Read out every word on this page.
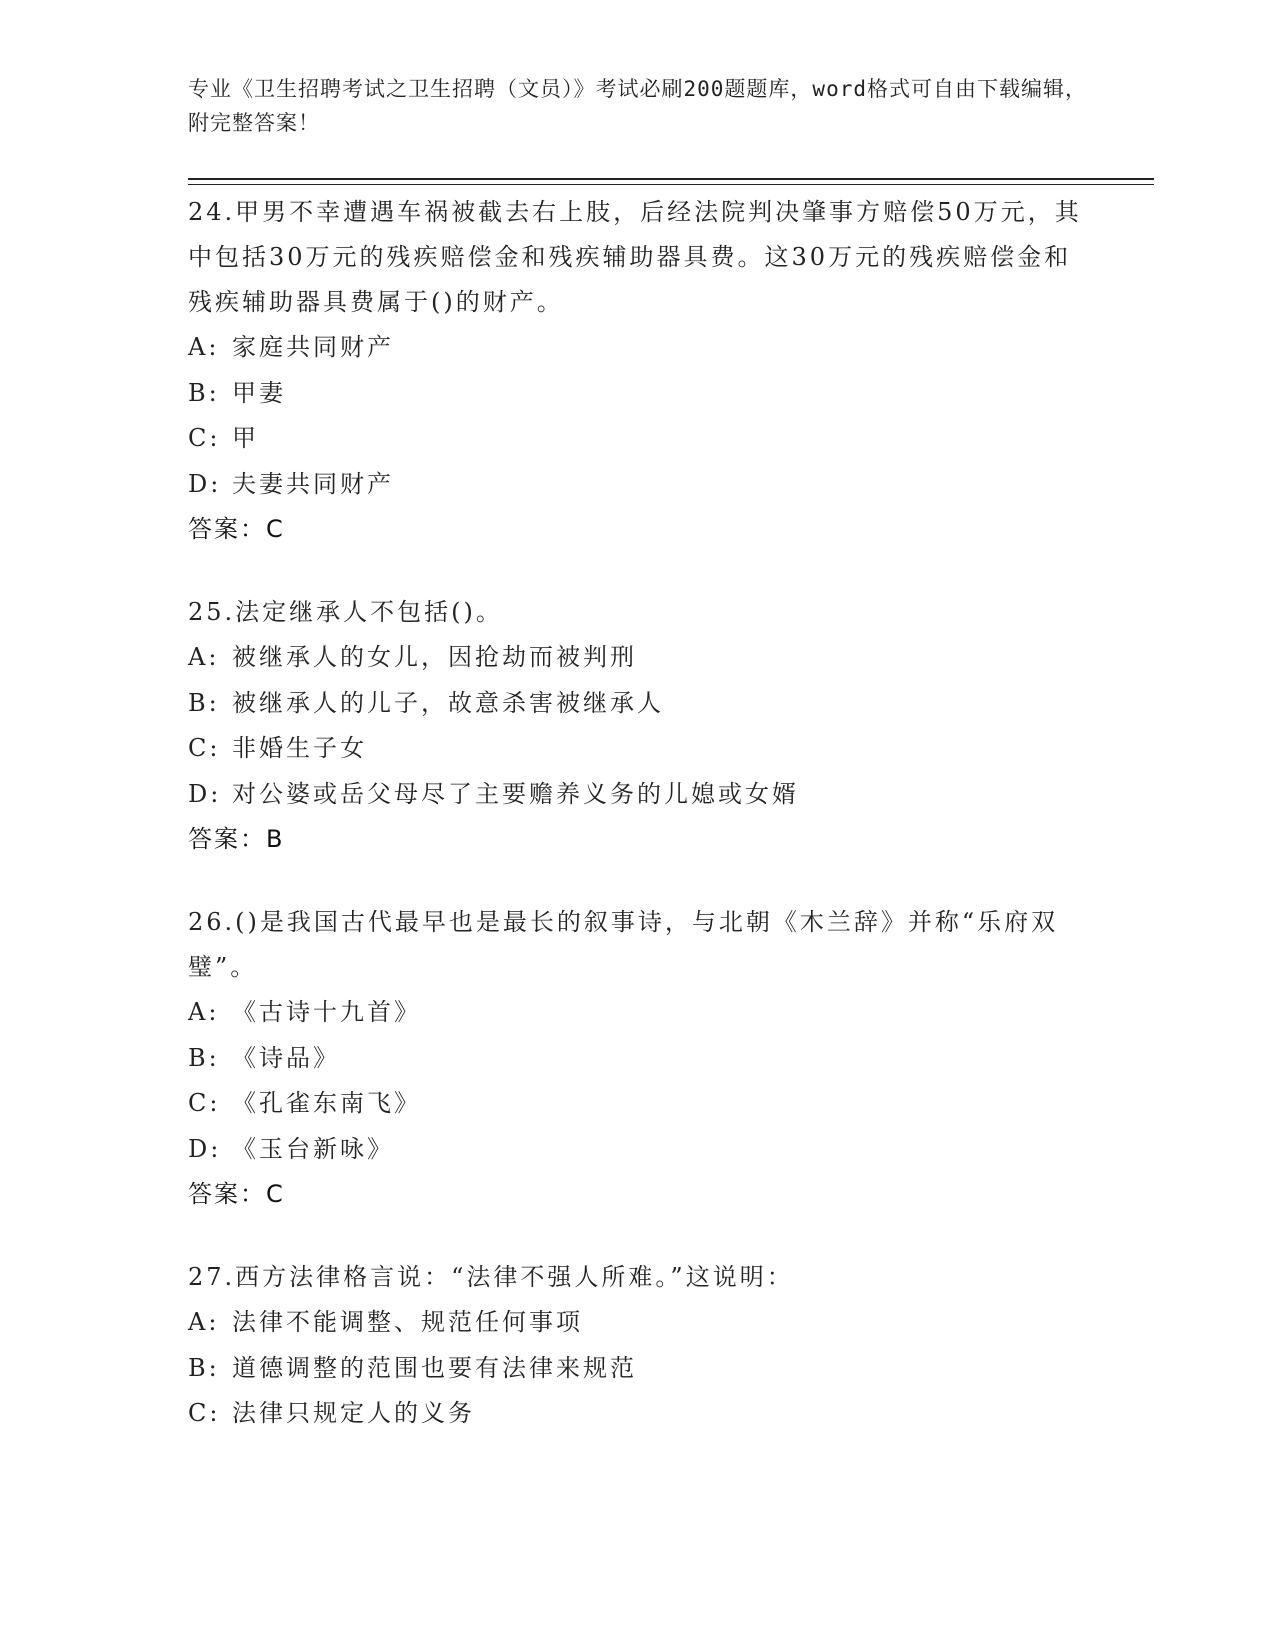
专业《卫生招聘考试之卫生招聘（文员）》考试必刷200题题库，word格式可自由下载编辑，附完整答案！
24.甲男不幸遭遇车祸被截去右上肢，后经法院判决肇事方赔偿50万元，其中包括30万元的残疾赔偿金和残疾辅助器具费。这30万元的残疾赔偿金和残疾辅助器具费属于()的财产。
A: 家庭共同财产
B: 甲妻
C: 甲
D: 夫妻共同财产
答案：C
25.法定继承人不包括()。
A: 被继承人的女儿，因抢劫而被判刑
B: 被继承人的儿子，故意杀害被继承人
C: 非婚生子女
D: 对公婆或岳父母尽了主要赡养义务的儿媳或女婿
答案：B
26.()是我国古代最早也是最长的叙事诗，与北朝《木兰辞》并称“乐府双璧”。
A: 《古诗十九首》
B: 《诗品》
C: 《孔雀东南飞》
D: 《玉台新咏》
答案：C
27.西方法律格言说：“法律不强人所难。”这说明：
A: 法律不能调整、规范任何事项
B: 道德调整的范围也要有法律来规范
C: 法律只规定人的义务
